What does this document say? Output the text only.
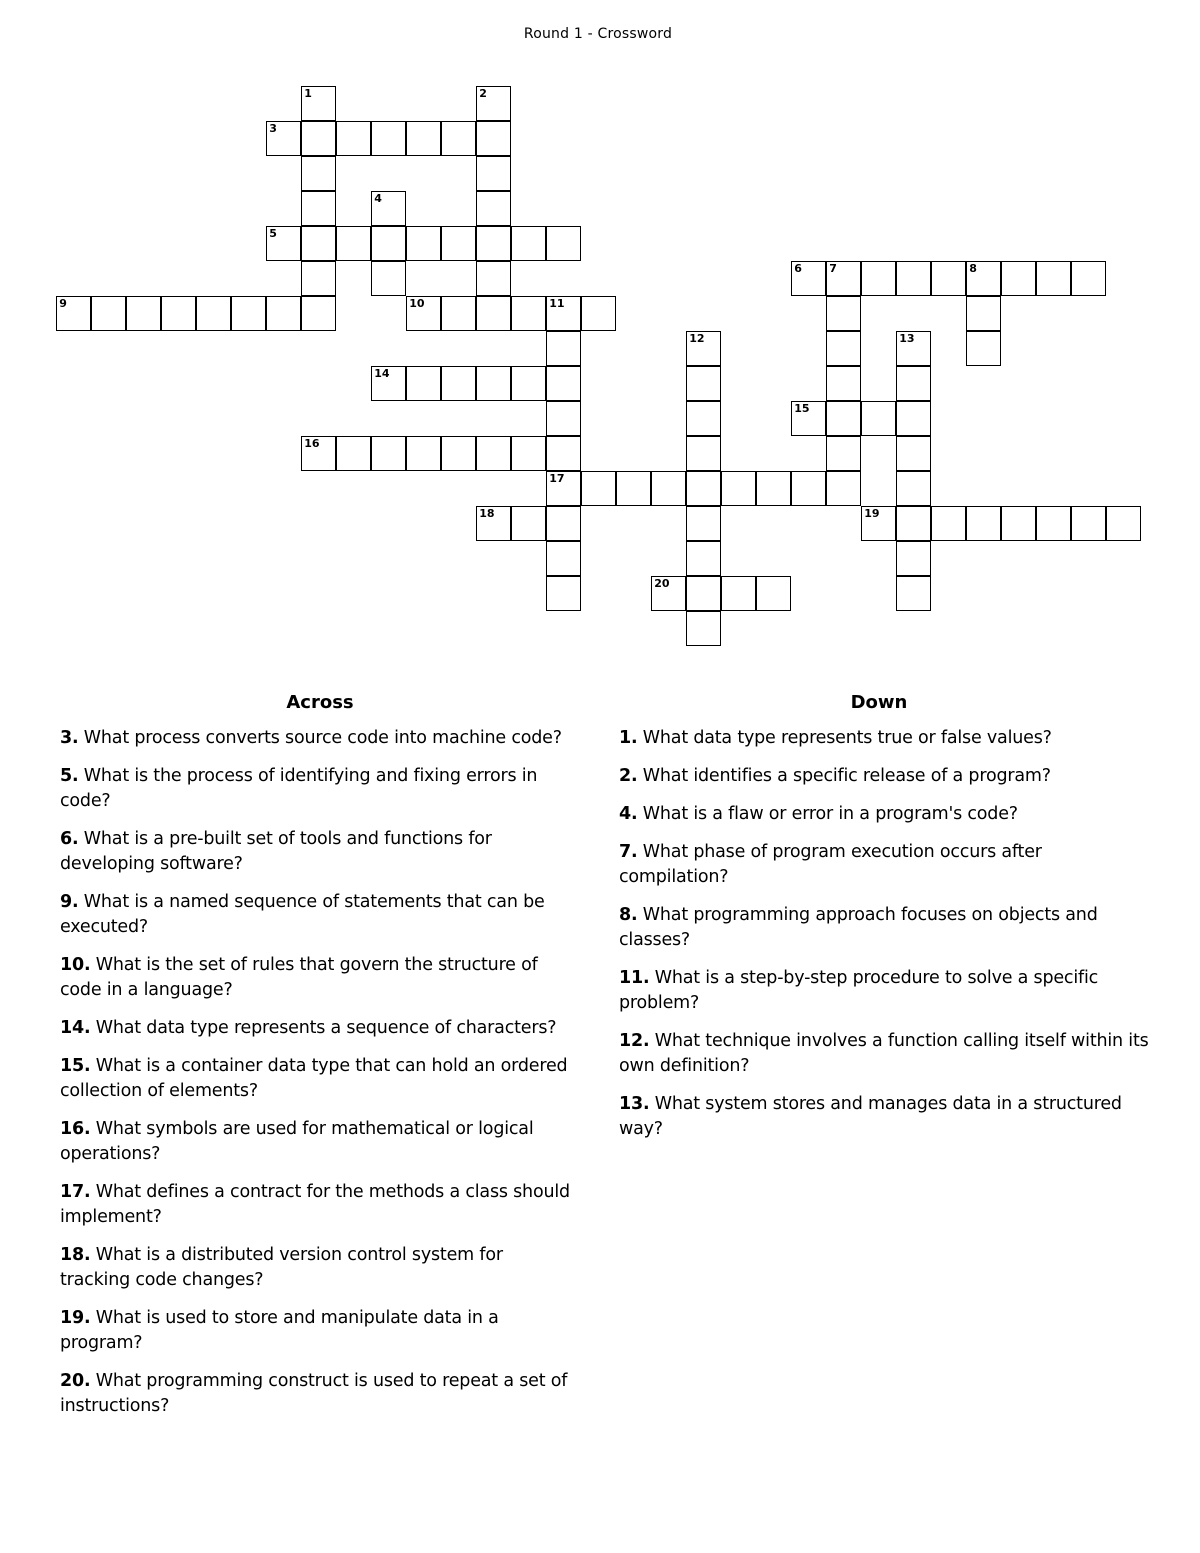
Round 1 - Crossword
1	2
3
4
5
6 7	8
9	10	11
17
12	13
14
15
16
18	19
20
Across	Down
3. What process converts source code into machine code?
5. What is the process of identifying and fixing errors in code?
6. What is a pre-built set of tools and functions for developing software?
9. What is a named sequence of statements that can be executed?
10. What is the set of rules that govern the structure of code in a language?
14. What data type represents a sequence of characters?
15. What is a container data type that can hold an ordered collection of elements?
16. What symbols are used for mathematical or logical operations?
17. What defines a contract for the methods a class should implement?
18. What is a distributed version control system for tracking code changes?
19. What is used to store and manipulate data in a program?
20. What programming construct is used to repeat a set of instructions?
1. What data type represents true or false values?
2. What identifies a specific release of a program?
4. What is a flaw or error in a program's code?
7. What phase of program execution occurs after compilation?
8. What programming approach focuses on objects and classes?
11. What is a step-by-step procedure to solve a specific problem?
12. What technique involves a function calling itself within its own definition?
13. What system stores and manages data in a structured way?
